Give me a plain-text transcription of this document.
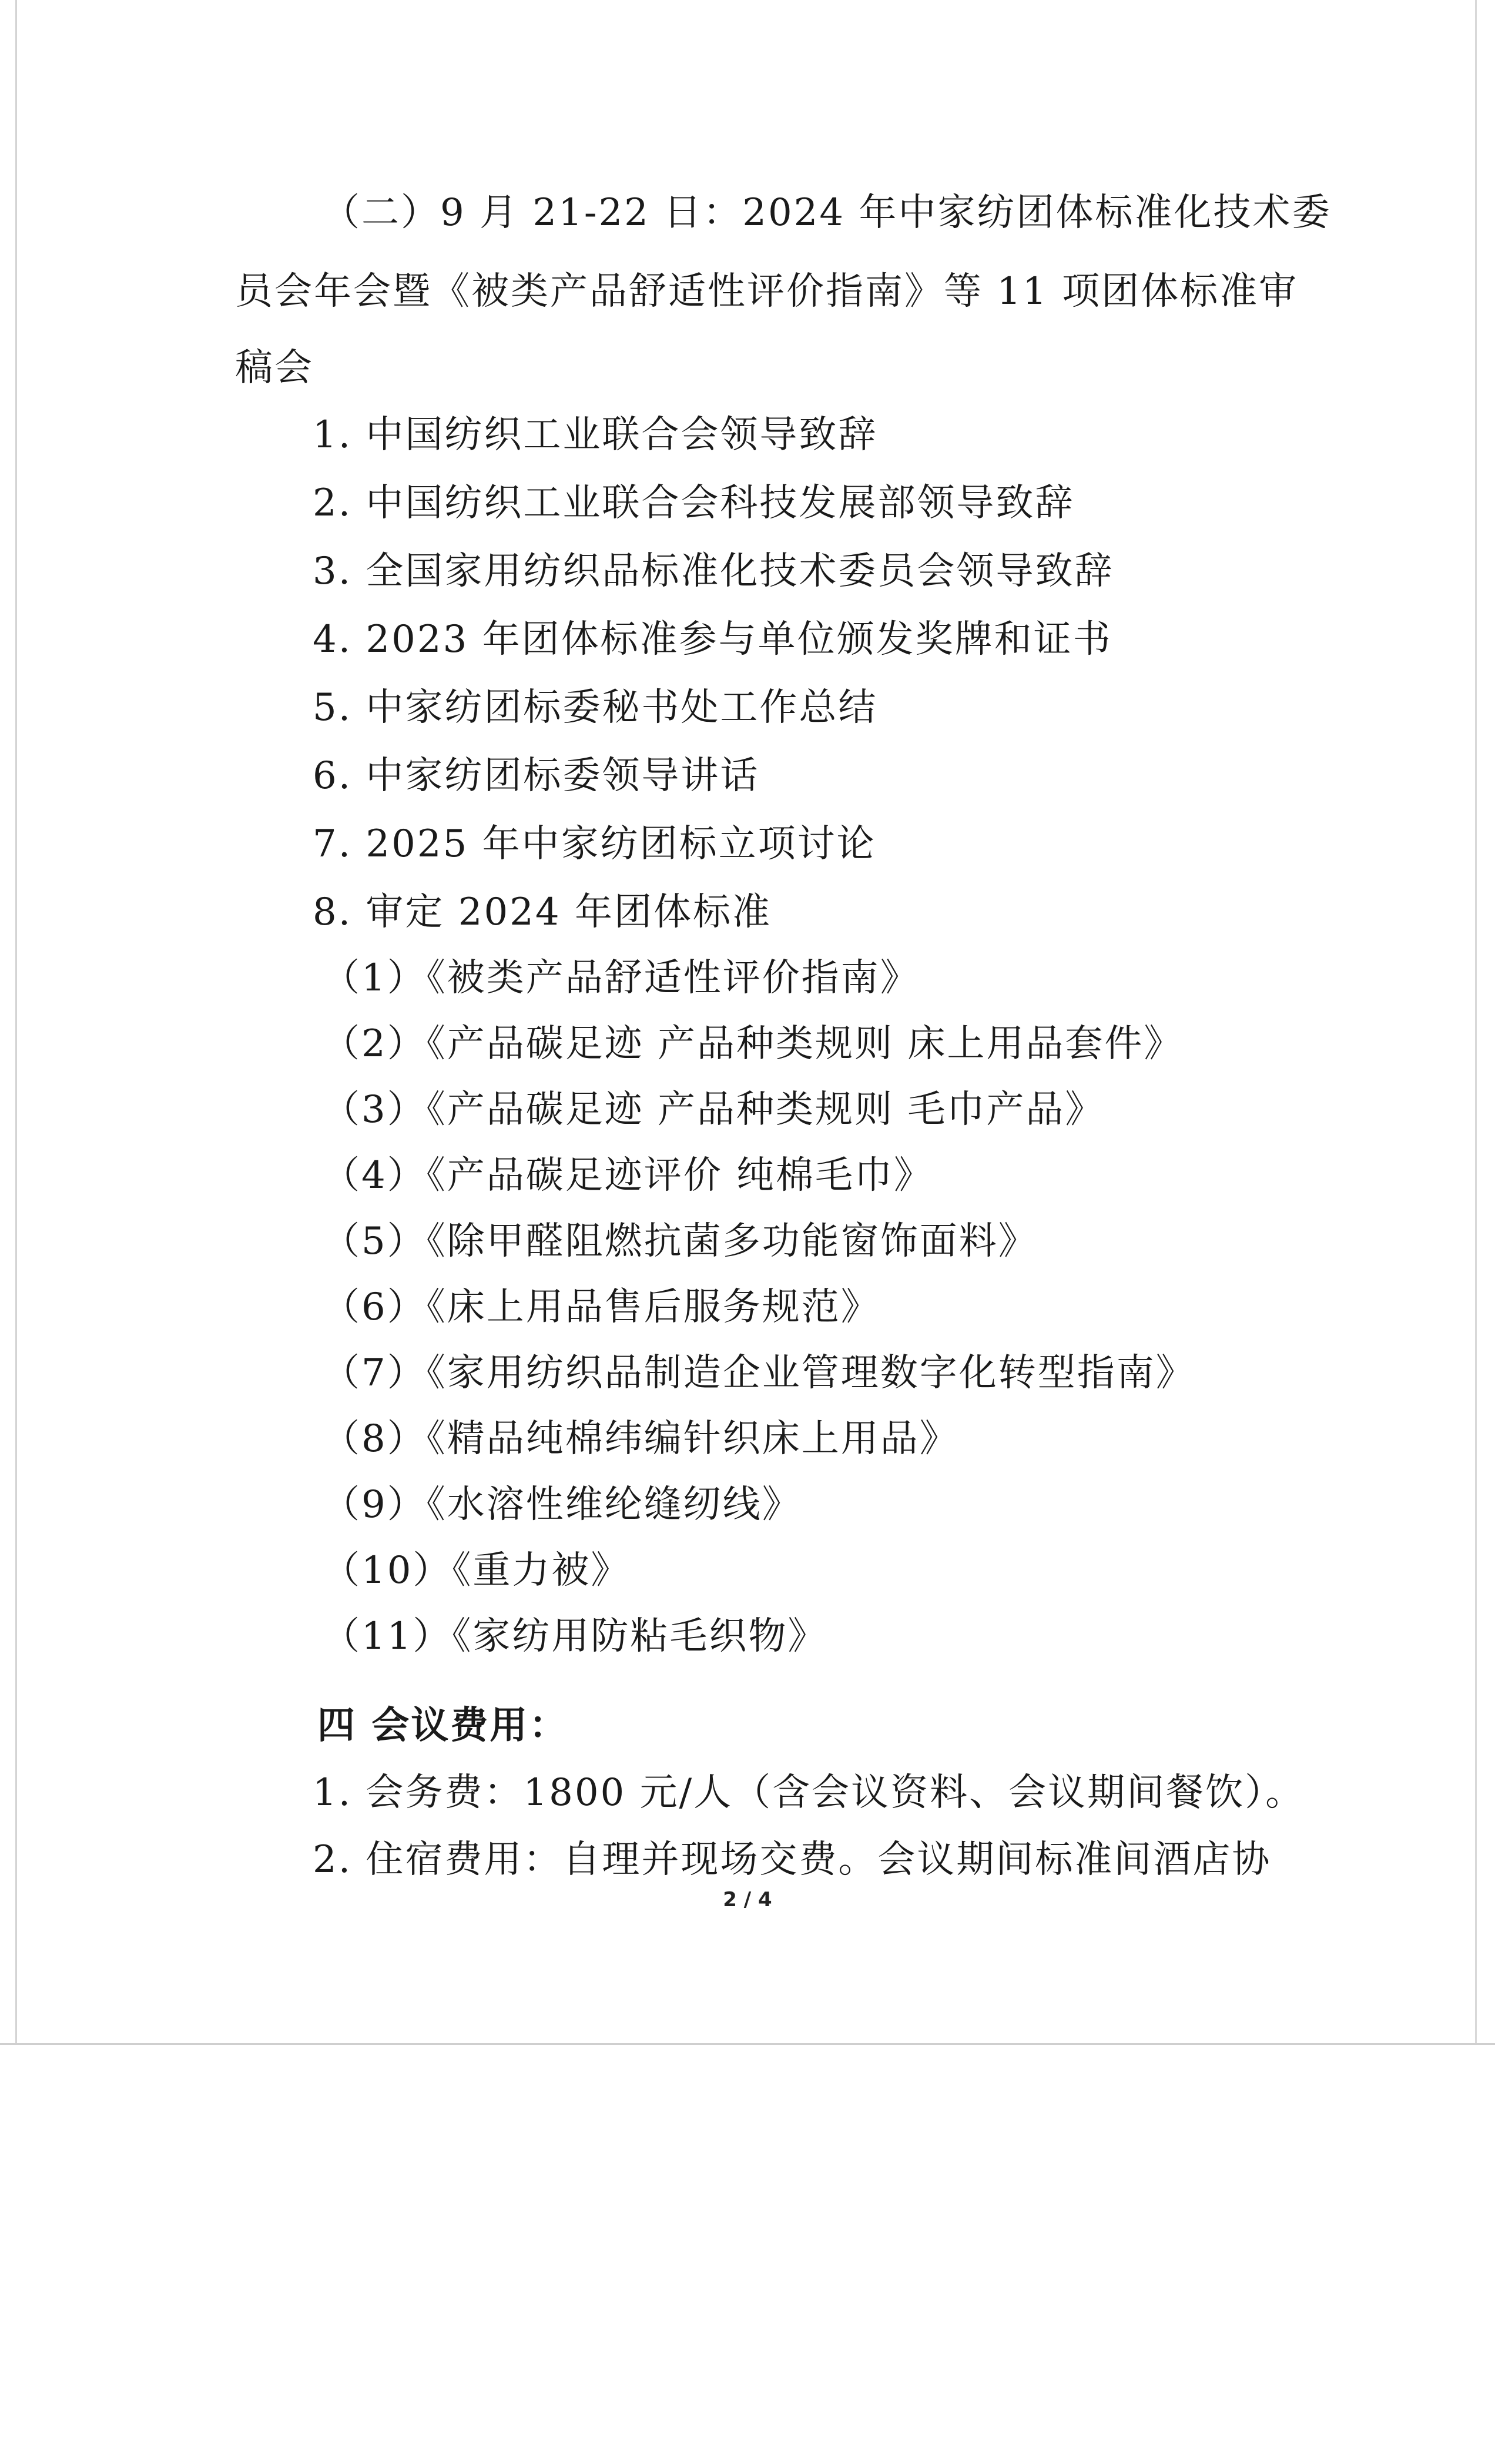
（二）9 月 21-22 日：2024 年中家纺团体标准化技术委
员会年会暨《被类产品舒适性评价指南》等 11 项团体标准审
稿会
1. 中国纺织工业联合会领导致辞
2. 中国纺织工业联合会科技发展部领导致辞
3. 全国家用纺织品标准化技术委员会领导致辞
4. 2023 年团体标准参与单位颁发奖牌和证书
5. 中家纺团标委秘书处工作总结
6. 中家纺团标委领导讲话
7. 2025 年中家纺团标立项讨论
8. 审定 2024 年团体标准
（1）《被类产品舒适性评价指南》
（2）《产品碳足迹 产品种类规则 床上用品套件》
（3）《产品碳足迹 产品种类规则 毛巾产品》
（4）《产品碳足迹评价 纯棉毛巾》
（5）《除甲醛阻燃抗菌多功能窗饰面料》
（6）《床上用品售后服务规范》
（7）《家用纺织品制造企业管理数字化转型指南》
（8）《精品纯棉纬编针织床上用品》
（9）《水溶性维纶缝纫线》
（10）《重力被》
（11）《家纺用防粘毛织物》
四 会议费用：
1. 会务费：1800 元/人（含会议资料、会议期间餐饮）。
2. 住宿费用：自理并现场交费。会议期间标准间酒店协
2 / 4
